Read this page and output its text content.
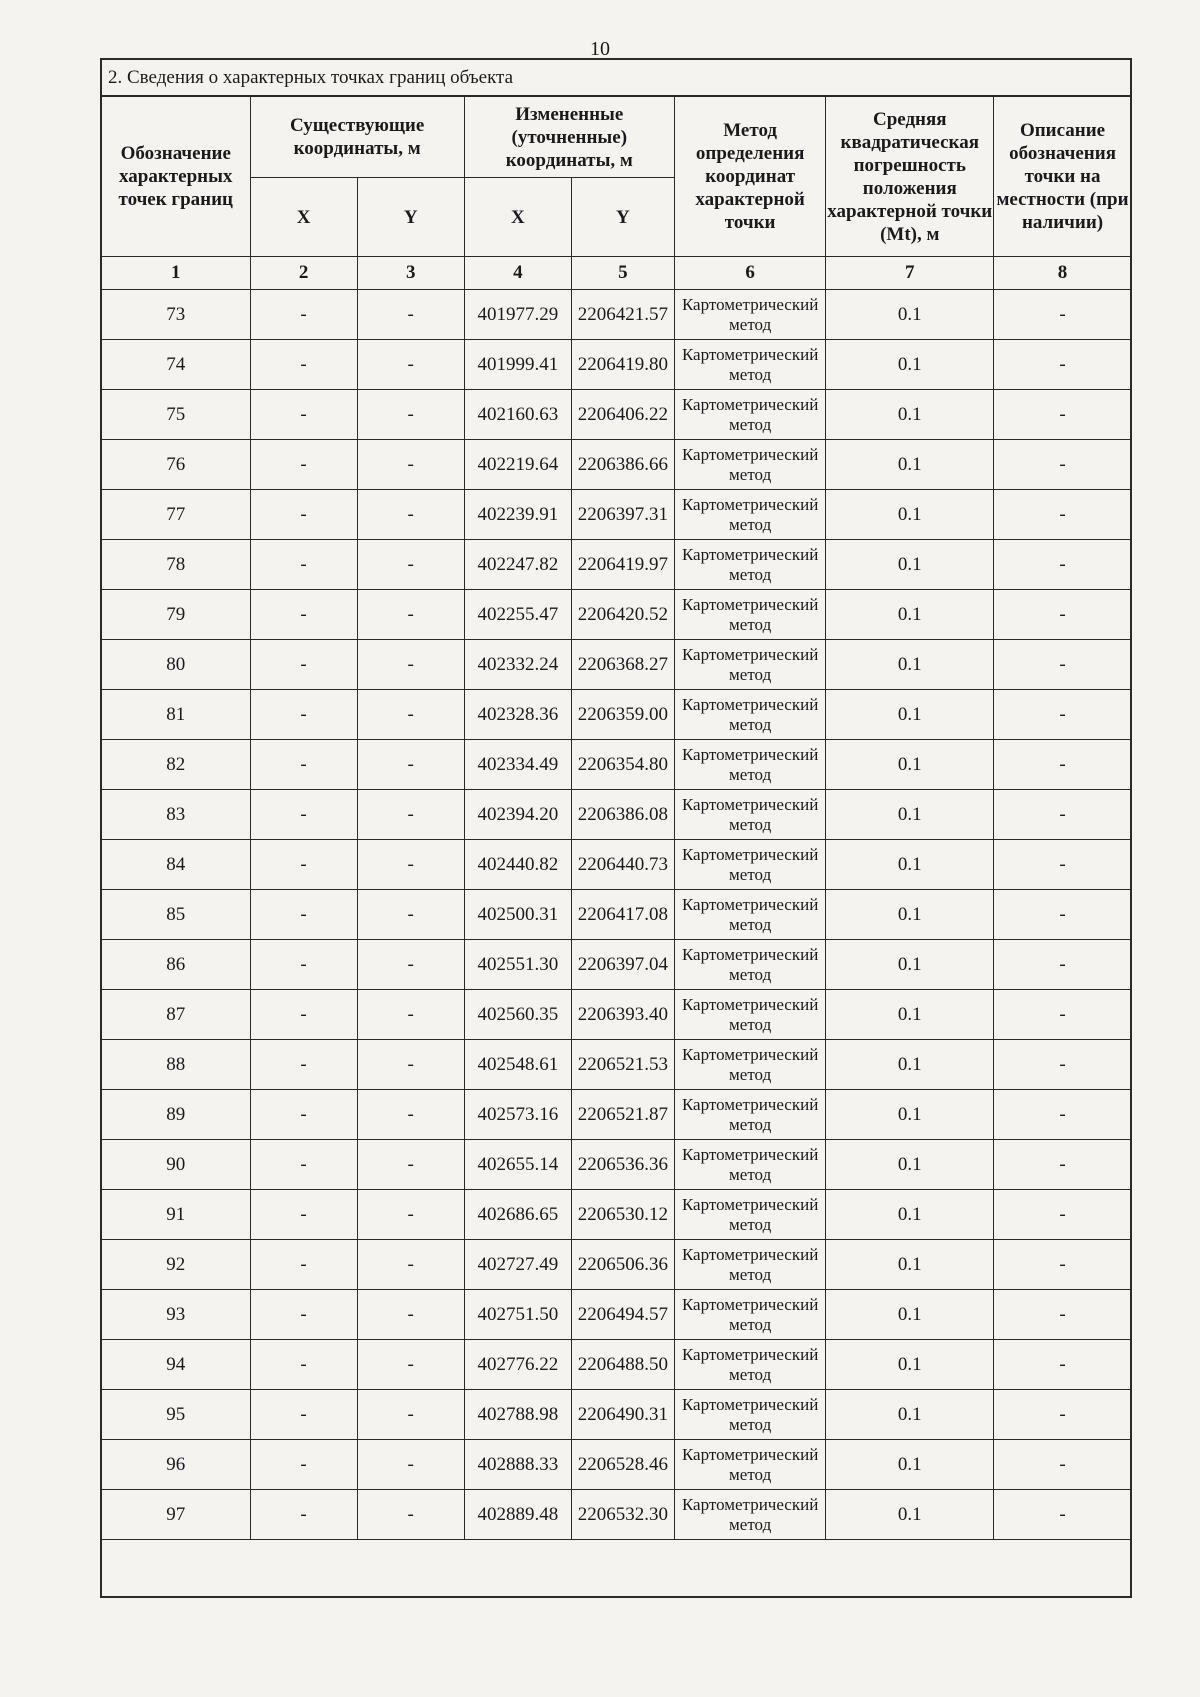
10
2. Сведения о характерных точках границ объекта
Обозначение характерных точек границ	Существующие координаты, м		Измененные (уточненные) координаты, м		Метод определения координат характерной точки	Средняя квадратическая погрешность положения характерной точки (Mt), м	Описание обозначения точки на местности (при наличии)
	X	Y	X	Y			
1	2	3	4	5	6	7	8
73	-	-	401977.29	2206421.57	Картометрический метод	0.1	-
74	-	-	401999.41	2206419.80	Картометрический метод	0.1	-
75	-	-	402160.63	2206406.22	Картометрический метод	0.1	-
76	-	-	402219.64	2206386.66	Картометрический метод	0.1	-
77	-	-	402239.91	2206397.31	Картометрический метод	0.1	-
78	-	-	402247.82	2206419.97	Картометрический метод	0.1	-
79	-	-	402255.47	2206420.52	Картометрический метод	0.1	-
80	-	-	402332.24	2206368.27	Картометрический метод	0.1	-
81	-	-	402328.36	2206359.00	Картометрический метод	0.1	-
82	-	-	402334.49	2206354.80	Картометрический метод	0.1	-
83	-	-	402394.20	2206386.08	Картометрический метод	0.1	-
84	-	-	402440.82	2206440.73	Картометрический метод	0.1	-
85	-	-	402500.31	2206417.08	Картометрический метод	0.1	-
86	-	-	402551.30	2206397.04	Картометрический метод	0.1	-
87	-	-	402560.35	2206393.40	Картометрический метод	0.1	-
88	-	-	402548.61	2206521.53	Картометрический метод	0.1	-
89	-	-	402573.16	2206521.87	Картометрический метод	0.1	-
90	-	-	402655.14	2206536.36	Картометрический метод	0.1	-
91	-	-	402686.65	2206530.12	Картометрический метод	0.1	-
92	-	-	402727.49	2206506.36	Картометрический метод	0.1	-
93	-	-	402751.50	2206494.57	Картометрический метод	0.1	-
94	-	-	402776.22	2206488.50	Картометрический метод	0.1	-
95	-	-	402788.98	2206490.31	Картометрический метод	0.1	-
96	-	-	402888.33	2206528.46	Картометрический метод	0.1	-
97	-	-	402889.48	2206532.30	Картометрический метод	0.1	-
